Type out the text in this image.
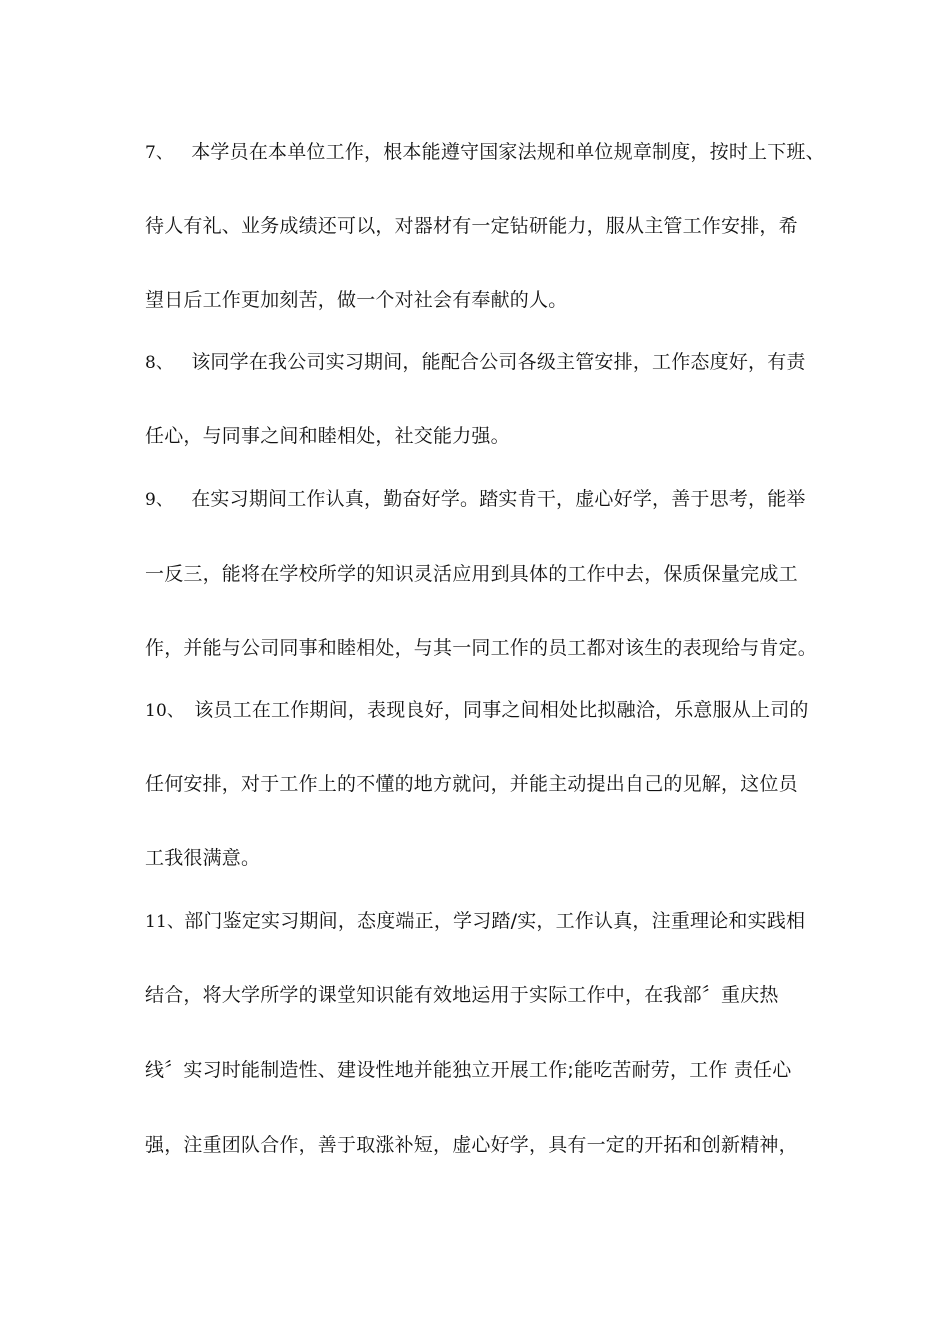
7、 本学员在本单位工作，根本能遵守国家法规和单位规章制度，按时上下班、
待人有礼、业务成绩还可以，对器材有一定钻研能力，服从主管工作安排，希
望日后工作更加刻苦，做一个对社会有奉献的人。
8、 该同学在我公司实习期间，能配合公司各级主管安排，工作态度好，有责
任心，与同事之间和睦相处，社交能力强。
9、 在实习期间工作认真，勤奋好学。踏实肯干，虚心好学，善于思考，能举
一反三，能将在学校所学的知识灵活应用到具体的工作中去，保质保量完成工
作，并能与公司同事和睦相处，与其一同工作的员工都对该生的表现给与肯定。
10、 该员工在工作期间，表现良好，同事之间相处比拟融洽，乐意服从上司的
任何安排，对于工作上的不懂的地方就问，并能主动提出自己的见解，这位员
工我很满意。
11、部门鉴定实习期间，态度端正，学习踏/实，工作认真，注重理论和实践相
结合，将大学所学的课堂知识能有效地运用于实际工作中，在我部〞重庆热
线〞实习时能制造性、建设性地并能独立开展工作;能吃苦耐劳，工作 责任心
强，注重团队合作，善于取涨补短，虚心好学，具有一定的开拓和创新精神，
